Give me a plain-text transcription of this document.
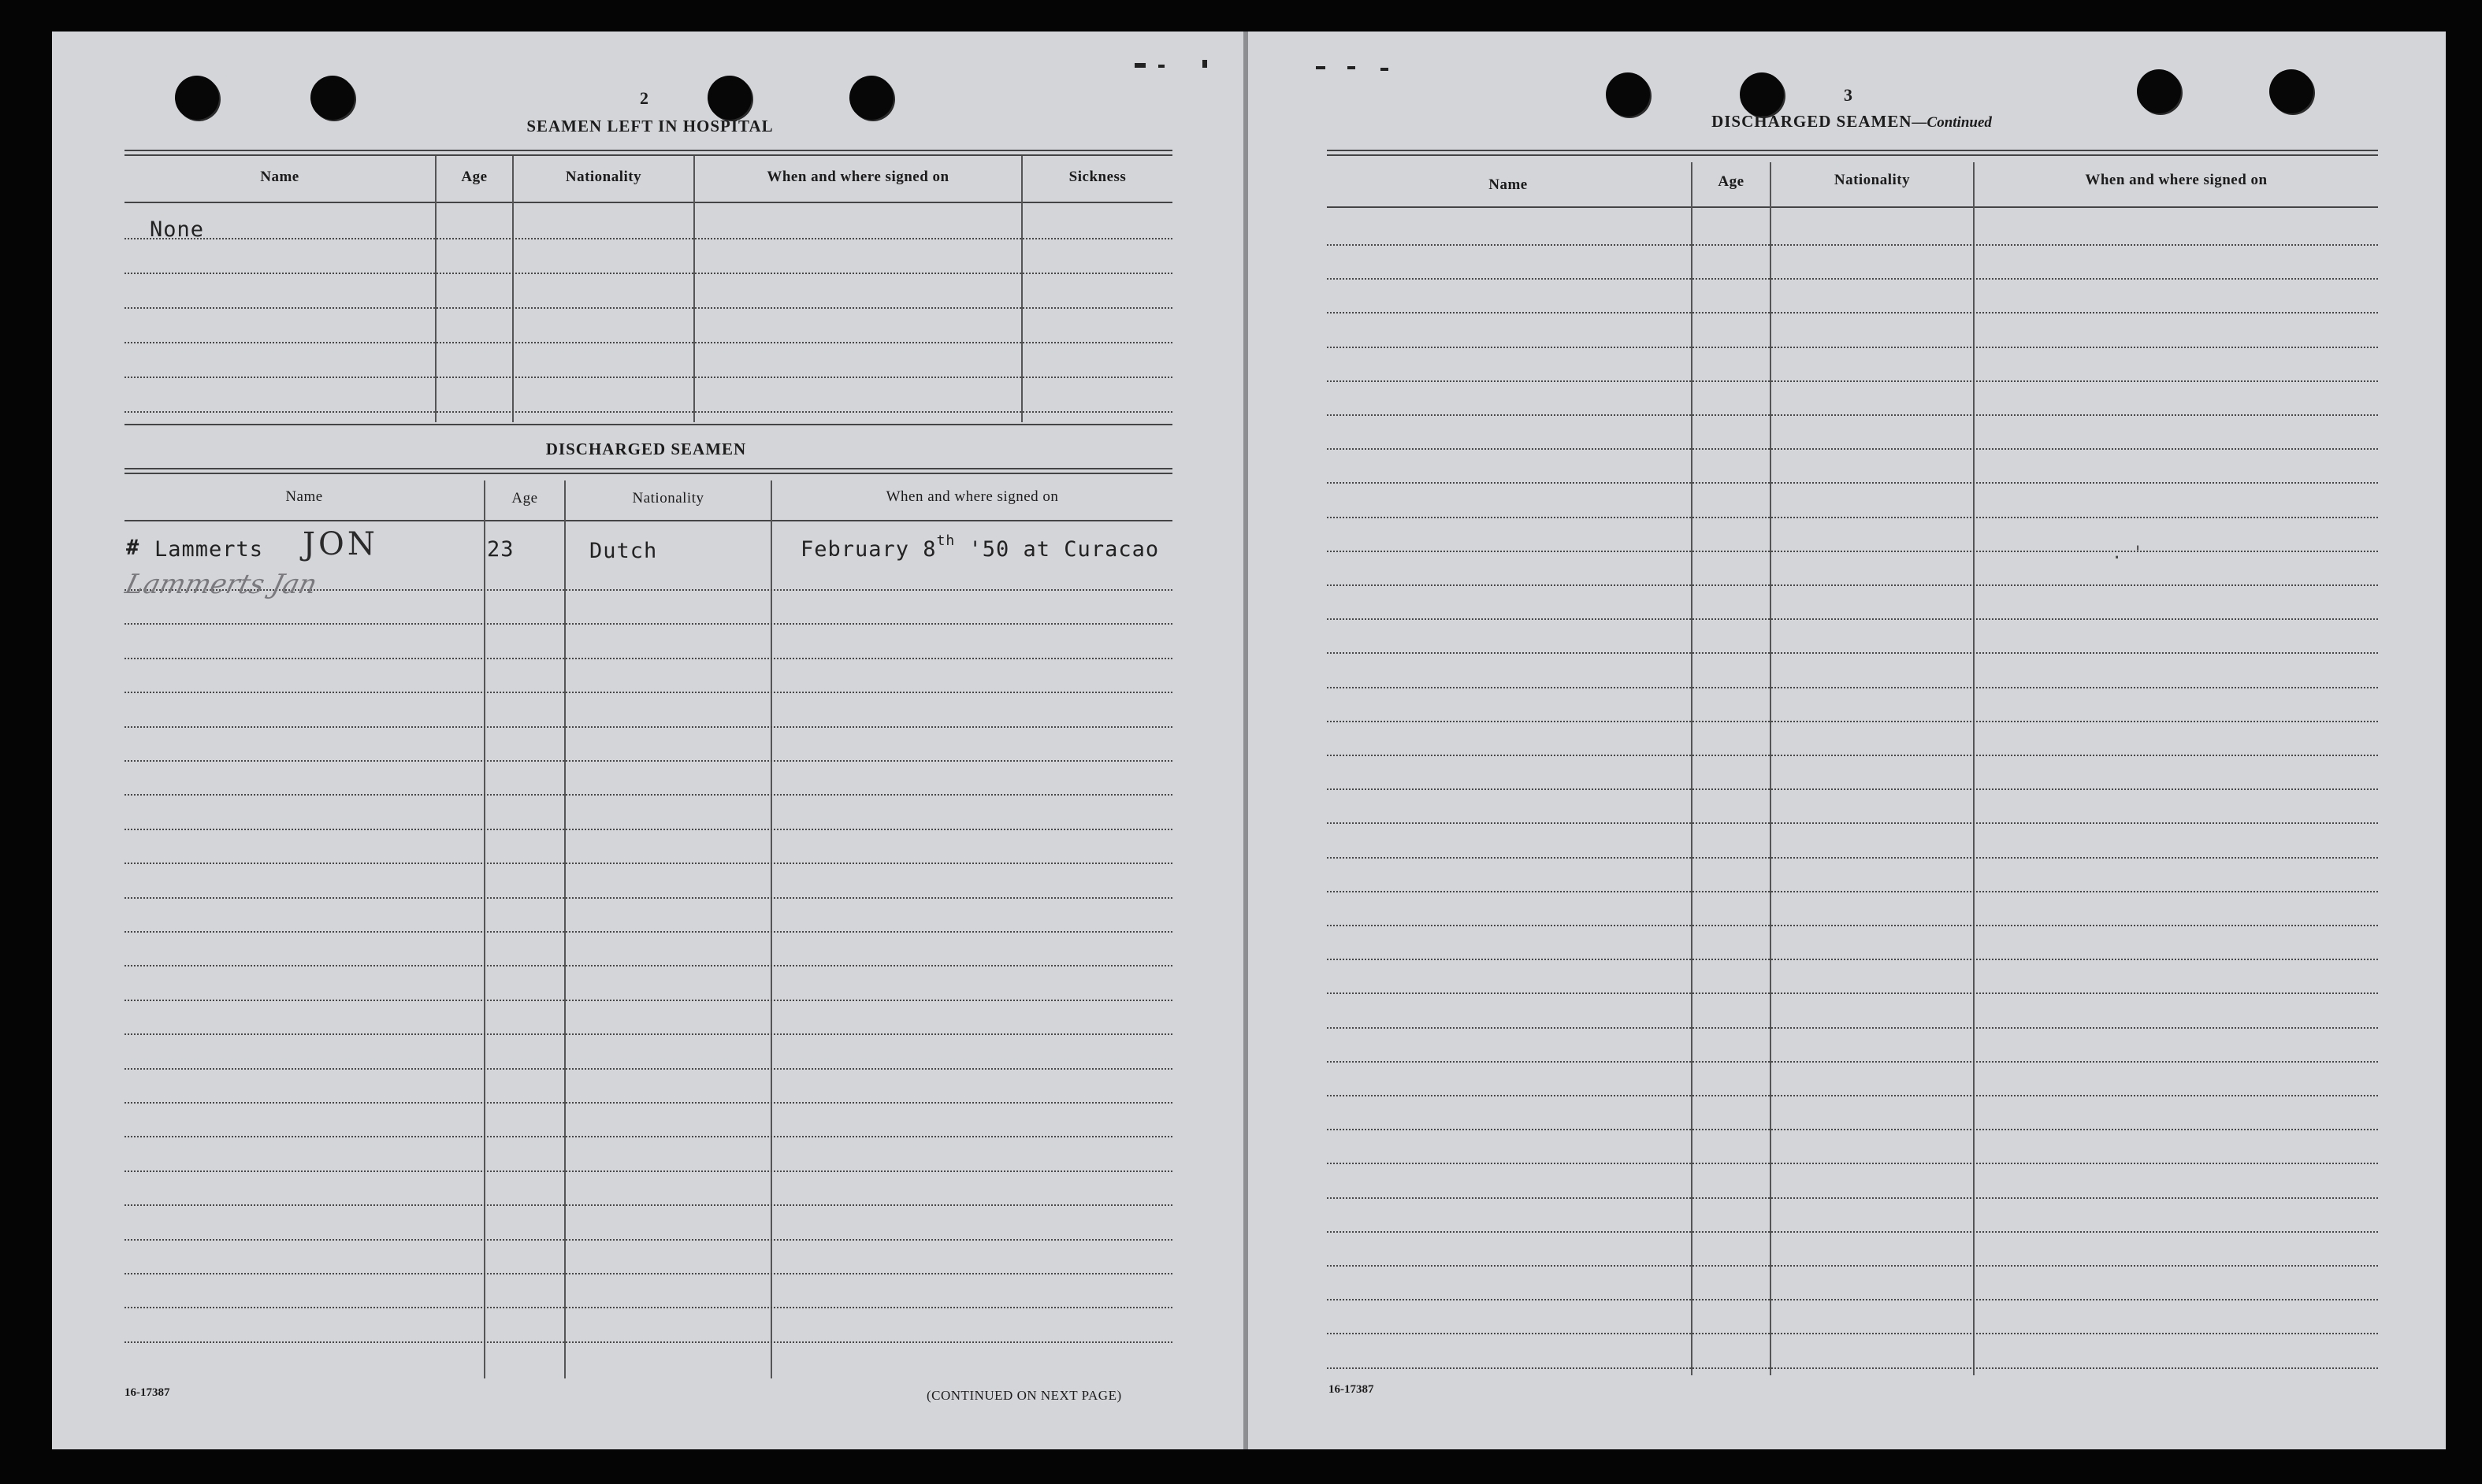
2
SEAMEN LEFT IN HOSPITAL
Name	Age	Nationality	When and where signed on	Sickness
None
DISCHARGED SEAMEN
Name	Age	Nationality	When and where signed on
# Lammerts JON
Lammerts Jan
23	Dutch	February 8th '50 at Curacao
16-17387	(CONTINUED ON NEXT PAGE)
3
DISCHARGED SEAMEN—Continued
Name	Age	Nationality	When and where signed on
. '
16-17387
